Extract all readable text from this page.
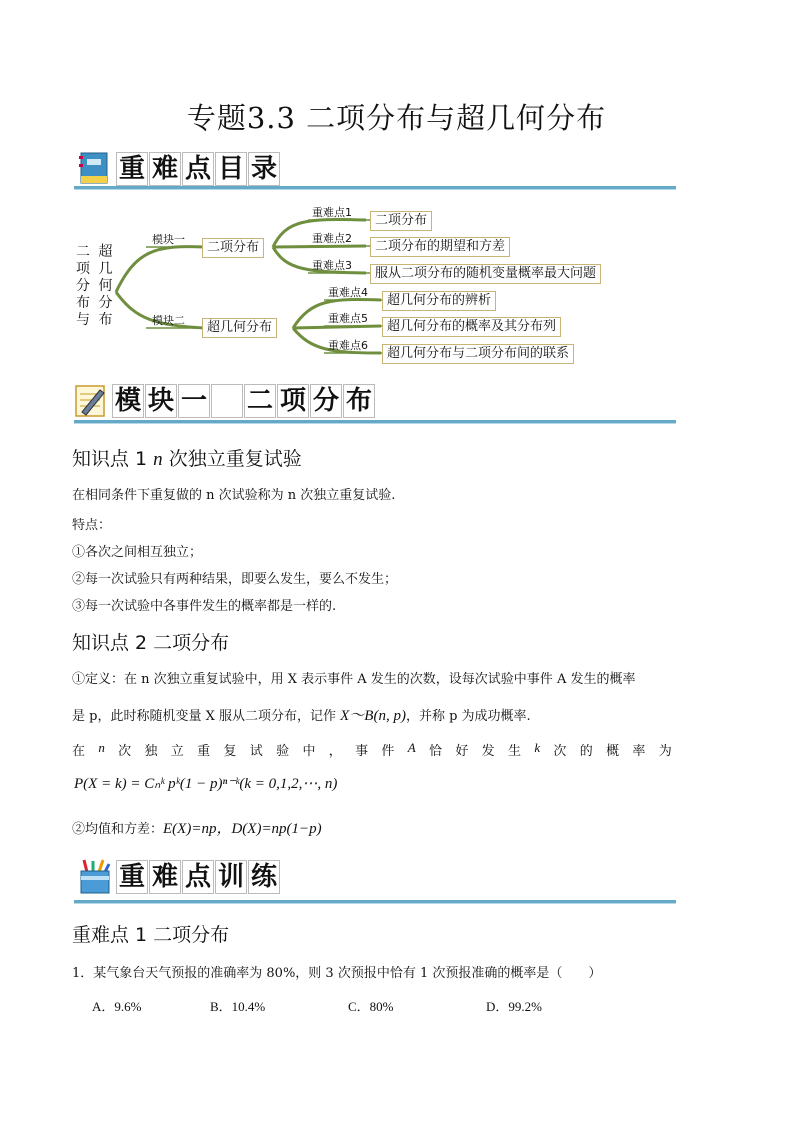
专题3.3 二项分布与超几何分布
重 难 点 目 录
二 超
项 几
分 何
布 分
与 布
模块一
二项分布
模块二	超几何分布
重难点1
二项分布
重难点2
二项分布的期望和方差
重难点3
服从二项分布的随机变量概率最大问题
重难点4
超几何分布的辨析
重难点5
超几何分布的概率及其分布列
重难点6
超几何分布与二项分布间的联系
模 块 一 二 项 分 布
知识点 1 n 次独立重复试验
在相同条件下重复做的 n 次试验称为 n 次独立重复试验.
特点：
①各次之间相互独立；
②每一次试验只有两种结果，即要么发生，要么不发生；
③每一次试验中各事件发生的概率都是一样的.
知识点 2 二项分布
①定义：在 n 次独立重复试验中，用 X 表示事件 A 发生的次数，设每次试验中事件 A 发生的概率
是 p，此时称随机变量 X 服从二项分布，记作 X～B(n, p)，并称 p 为成功概率.
在 n 次 独 立 重 复 试 验 中 ， 事 件 A 恰 好 发 生 k 次 的 概 率 为
P(X = k) = Cₙᵏ pᵏ(1 − p)ⁿ⁻ᵏ(k = 0,1,2,⋯, n)
②均值和方差：E(X)=np，D(X)=np(1−p)
重 难 点 训 练
重难点 1 二项分布
1．某气象台天气预报的准确率为 80%，则 3 次预报中恰有 1 次预报准确的概率是（　　）
A．9.6%	B．10.4%	C．80%	D．99.2%
